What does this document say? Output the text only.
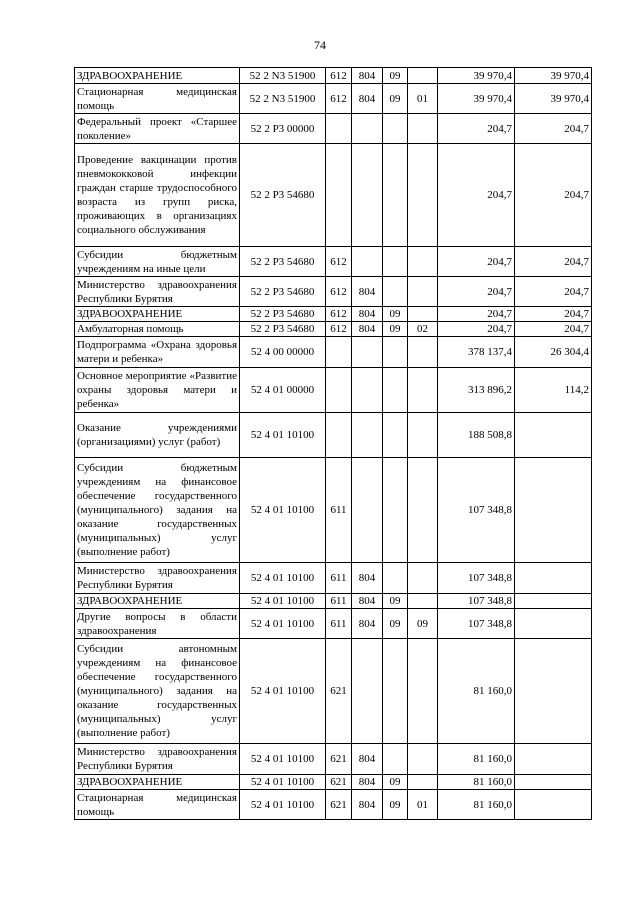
74
ЗДРАВООХРАНЕНИЕ	52 2 N3 51900	612	804	09		39 970,4	39 970,4
Стационарная медицинская помощь	52 2 N3 51900	612	804	09	01	39 970,4	39 970,4
Федеральный проект «Старшее поколение»	52 2 P3 00000					204,7	204,7
Проведение вакцинации против пневмококковой инфекции граждан старше трудоспособного возраста из групп риска, проживающих в организациях социального обслуживания	52 2 P3 54680					204,7	204,7
Субсидии бюджетным учреждениям на иные цели	52 2 P3 54680	612				204,7	204,7
Министерство здравоохранения Республики Бурятия	52 2 P3 54680	612	804			204,7	204,7
ЗДРАВООХРАНЕНИЕ	52 2 P3 54680	612	804	09		204,7	204,7
Амбулаторная помощь	52 2 P3 54680	612	804	09	02	204,7	204,7
Подпрограмма «Охрана здоровья матери и ребенка»	52 4 00 00000					378 137,4	26 304,4
Основное мероприятие «Развитие охраны здоровья матери и ребенка»	52 4 01 00000					313 896,2	114,2
Оказание учреждениями (организациями) услуг (работ)	52 4 01 10100					188 508,8	
Субсидии бюджетным учреждениям на финансовое обеспечение государственного (муниципального) задания на оказание государственных (муниципальных) услуг (выполнение работ)	52 4 01 10100	611				107 348,8	
Министерство здравоохранения Республики Бурятия	52 4 01 10100	611	804			107 348,8	
ЗДРАВООХРАНЕНИЕ	52 4 01 10100	611	804	09		107 348,8	
Другие вопросы в области здравоохранения	52 4 01 10100	611	804	09	09	107 348,8	
Субсидии автономным учреждениям на финансовое обеспечение государственного (муниципального) задания на оказание государственных (муниципальных) услуг (выполнение работ)	52 4 01 10100	621				81 160,0	
Министерство здравоохранения Республики Бурятия	52 4 01 10100	621	804			81 160,0	
ЗДРАВООХРАНЕНИЕ	52 4 01 10100	621	804	09		81 160,0	
Стационарная медицинская помощь	52 4 01 10100	621	804	09	01	81 160,0	
